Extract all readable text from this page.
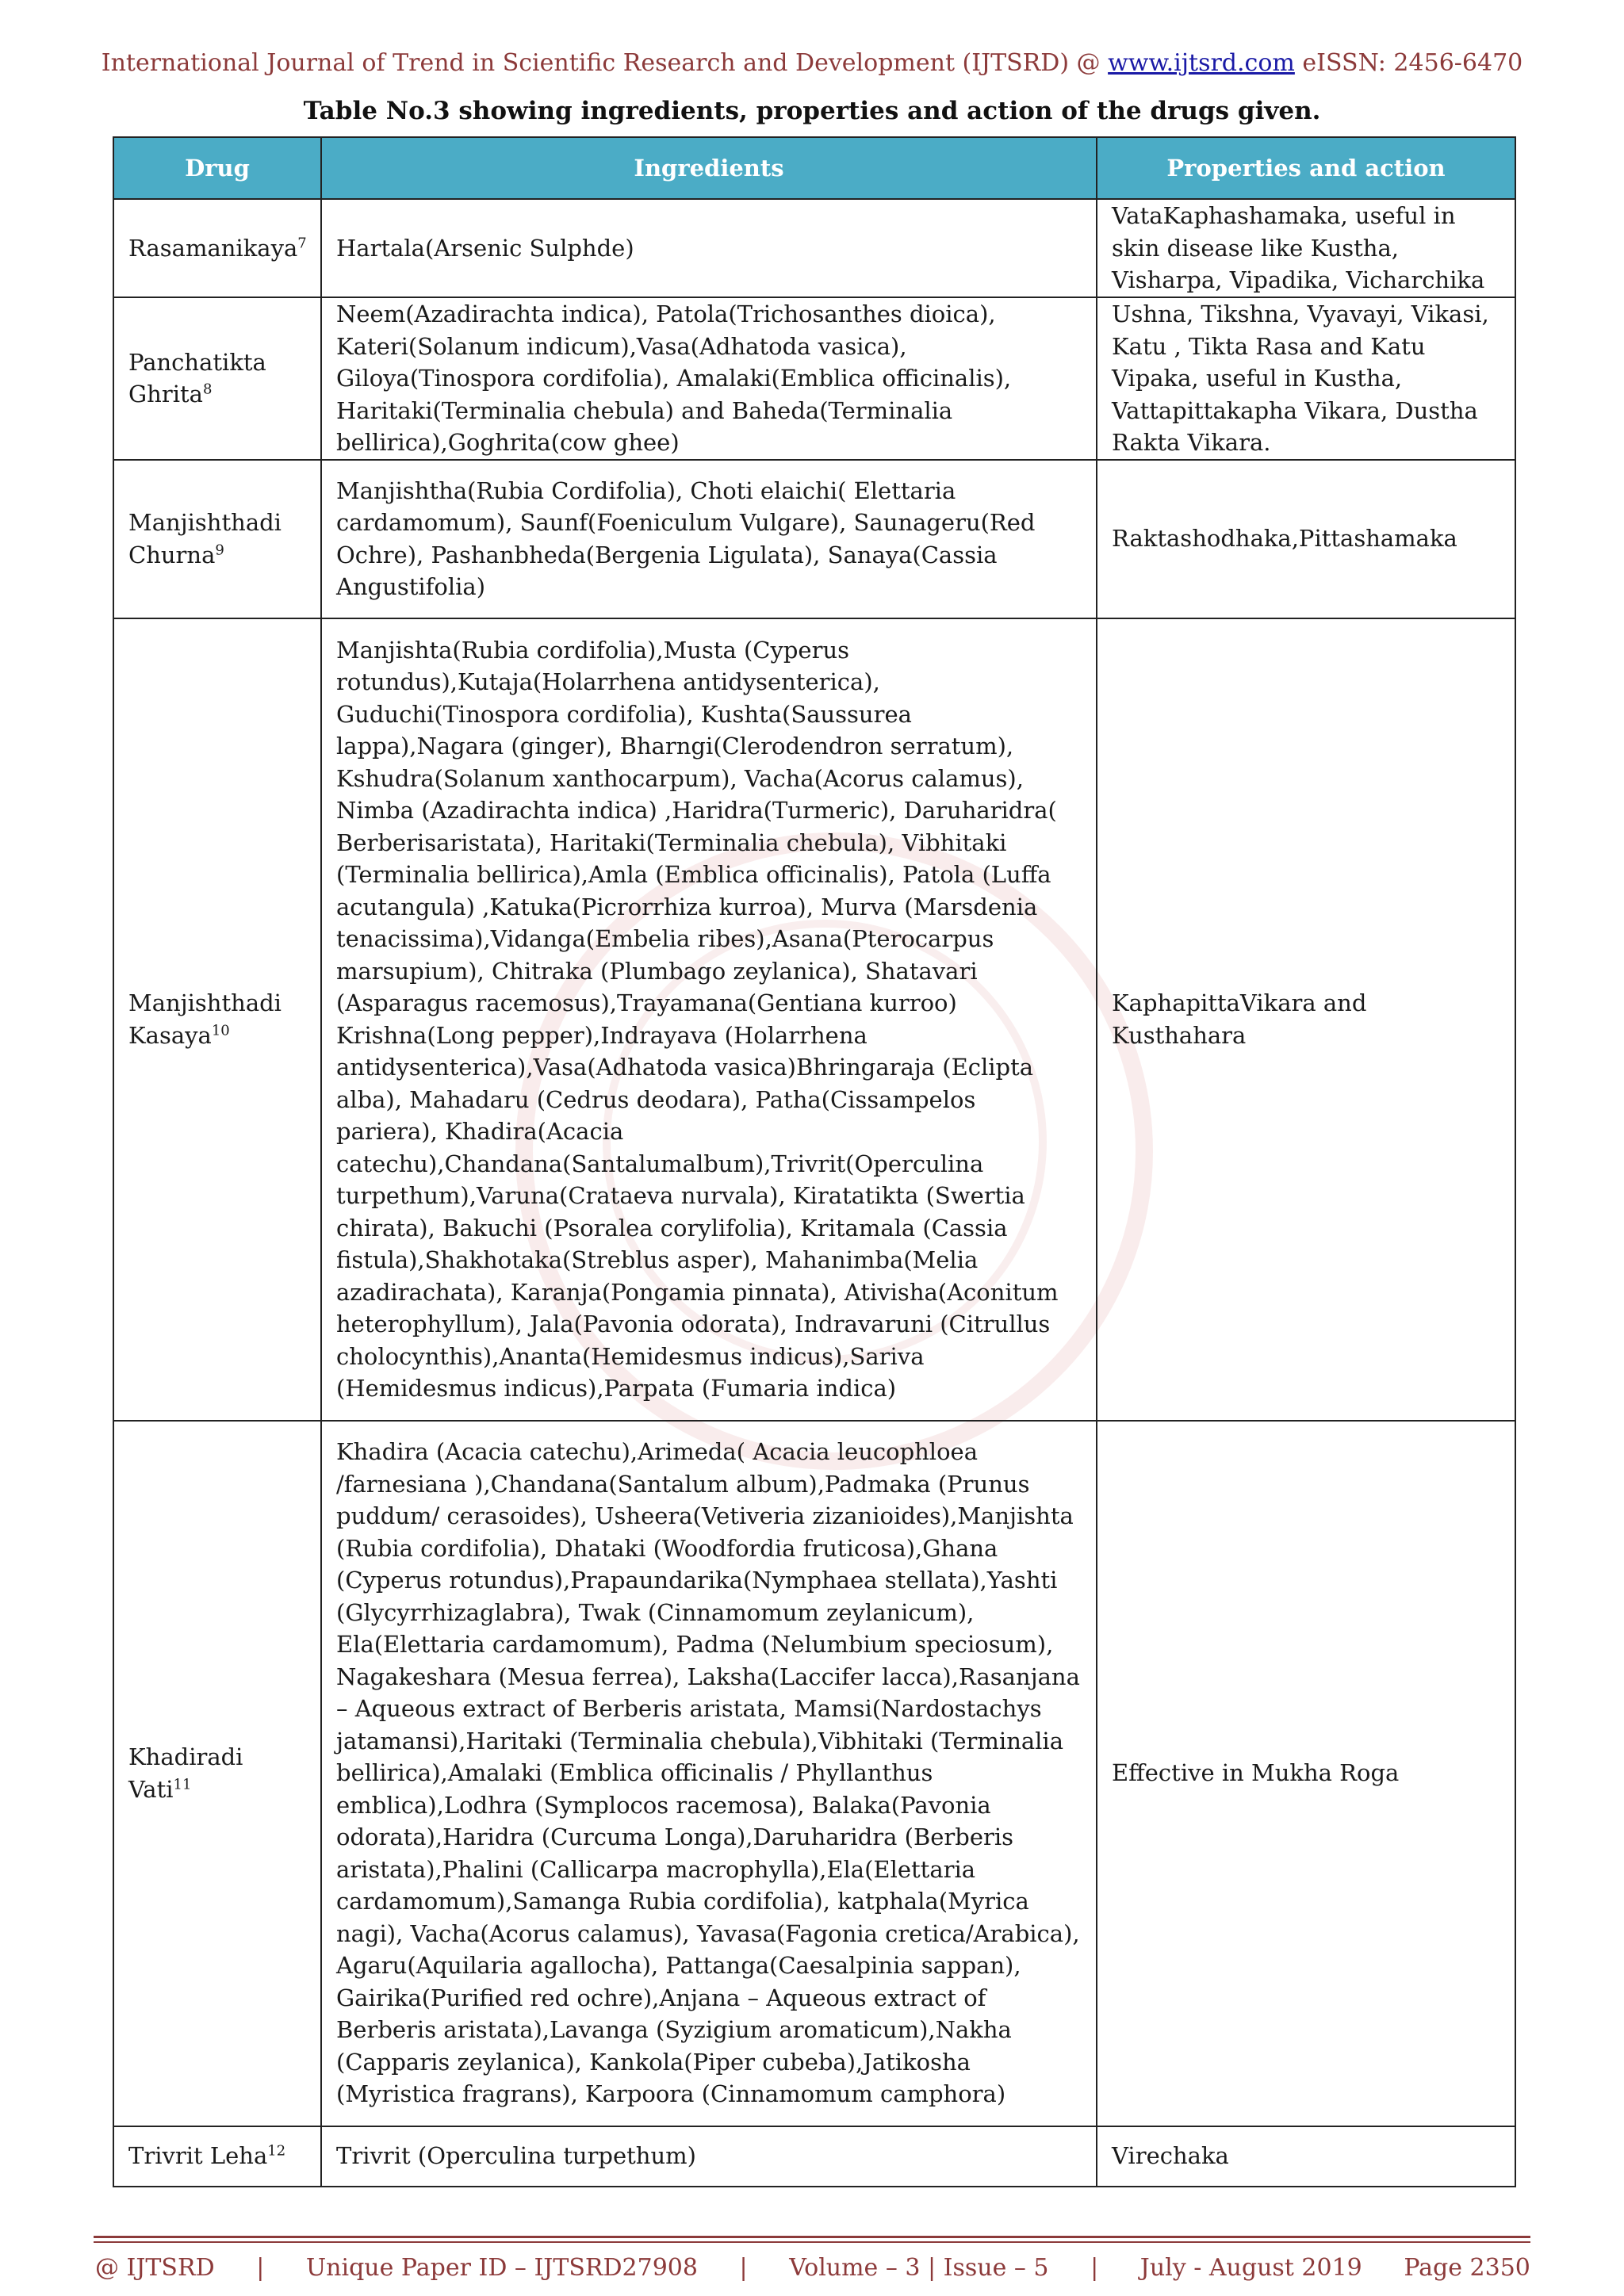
International Journal of Trend in Scientific Research and Development (IJTSRD) @ www.ijtsrd.com eISSN: 2456-6470
Table No.3 showing ingredients, properties and action of the drugs given.
Drug	Ingredients	Properties and action
Rasamanikaya$^7$	Hartala(Arsenic Sulphde)	VataKaphashamaka, useful in skin disease like Kustha, Visharpa, Vipadika, Vicharchika
Panchatikta Ghrita$^8$	Neem(Azadirachta indica), Patola(Trichosanthes dioica), Kateri(Solanum indicum),Vasa(Adhatoda vasica), Giloya(Tinospora cordifolia), Amalaki(Emblica officinalis), Haritaki(Terminalia chebula) and Baheda(Terminalia bellirica),Goghrita(cow ghee)	Ushna, Tikshna, Vyavayi, Vikasi, Katu , Tikta Rasa and Katu Vipaka, useful in Kustha, Vattapittakapha Vikara, Dustha Rakta Vikara.
Manjishthadi Churna$^9$	Manjishtha(Rubia Cordifolia), Choti elaichi( Elettaria cardamomum), Saunf(Foeniculum Vulgare), Saunageru(Red Ochre), Pashanbheda(Bergenia Ligulata), Sanaya(Cassia Angustifolia)	Raktashodhaka,Pittashamaka
Manjishthadi Kasaya$^{10}$	Manjishta(Rubia cordifolia),Musta (Cyperus rotundus),Kutaja(Holarrhena antidysenterica), Guduchi(Tinospora cordifolia), Kushta(Saussurea lappa),Nagara (ginger), Bharngi(Clerodendron serratum), Kshudra(Solanum xanthocarpum), Vacha(Acorus calamus), Nimba (Azadirachta indica) ,Haridra(Turmeric), Daruharidra( Berberisaristata), Haritaki(Terminalia chebula), Vibhitaki (Terminalia bellirica),Amla (Emblica officinalis), Patola (Luffa acutangula) ,Katuka(Picrorrhiza kurroa), Murva (Marsdenia tenacissima),Vidanga(Embelia ribes),Asana(Pterocarpus marsupium), Chitraka (Plumbago zeylanica), Shatavari (Asparagus racemosus),Trayamana(Gentiana kurroo) Krishna(Long pepper),Indrayava (Holarrhena antidysenterica),Vasa(Adhatoda vasica)Bhringaraja (Eclipta alba), Mahadaru (Cedrus deodara), Patha(Cissampelos pariera), Khadira(Acacia catechu),Chandana(Santalumalbum),Trivrit(Operculina turpethum),Varuna(Crataeva nurvala), Kiratatikta (Swertia chirata), Bakuchi (Psoralea corylifolia), Kritamala (Cassia fistula),Shakhotaka(Streblus asper), Mahanimba(Melia azadirachata), Karanja(Pongamia pinnata), Ativisha(Aconitum heterophyllum), Jala(Pavonia odorata), Indravaruni (Citrullus cholocynthis),Ananta(Hemidesmus indicus),Sariva (Hemidesmus indicus),Parpata (Fumaria indica)	KaphapittaVikara and Kusthahara
Khadiradi Vati$^{11}$	Khadira (Acacia catechu),Arimeda( Acacia leucophloea /farnesiana ),Chandana(Santalum album),Padmaka (Prunus puddum/ cerasoides), Usheera(Vetiveria zizanioides),Manjishta (Rubia cordifolia), Dhataki (Woodfordia fruticosa),Ghana (Cyperus rotundus),Prapaundarika(Nymphaea stellata),Yashti (Glycyrrhizaglabra), Twak (Cinnamomum zeylanicum), Ela(Elettaria cardamomum), Padma (Nelumbium speciosum), Nagakeshara (Mesua ferrea), Laksha(Laccifer lacca),Rasanjana – Aqueous extract of Berberis aristata, Mamsi(Nardostachys jatamansi),Haritaki (Terminalia chebula),Vibhitaki (Terminalia bellirica),Amalaki (Emblica officinalis / Phyllanthus emblica),Lodhra (Symplocos racemosa), Balaka(Pavonia odorata),Haridra (Curcuma Longa),Daruharidra (Berberis aristata),Phalini (Callicarpa macrophylla),Ela(Elettaria cardamomum),Samanga Rubia cordifolia), katphala(Myrica nagi), Vacha(Acorus calamus), Yavasa(Fagonia cretica/Arabica), Agaru(Aquilaria agallocha), Pattanga(Caesalpinia sappan), Gairika(Purified red ochre),Anjana – Aqueous extract of Berberis aristata),Lavanga (Syzigium aromaticum),Nakha (Capparis zeylanica), Kankola(Piper cubeba),Jatikosha (Myristica fragrans), Karpoora (Cinnamomum camphora)	Effective in Mukha Roga
Trivrit Leha$^{12}$	Trivrit (Operculina turpethum)	Virechaka
@ IJTSRD | Unique Paper ID – IJTSRD27908 | Volume – 3 | Issue – 5 | July - August 2019 Page 2350
